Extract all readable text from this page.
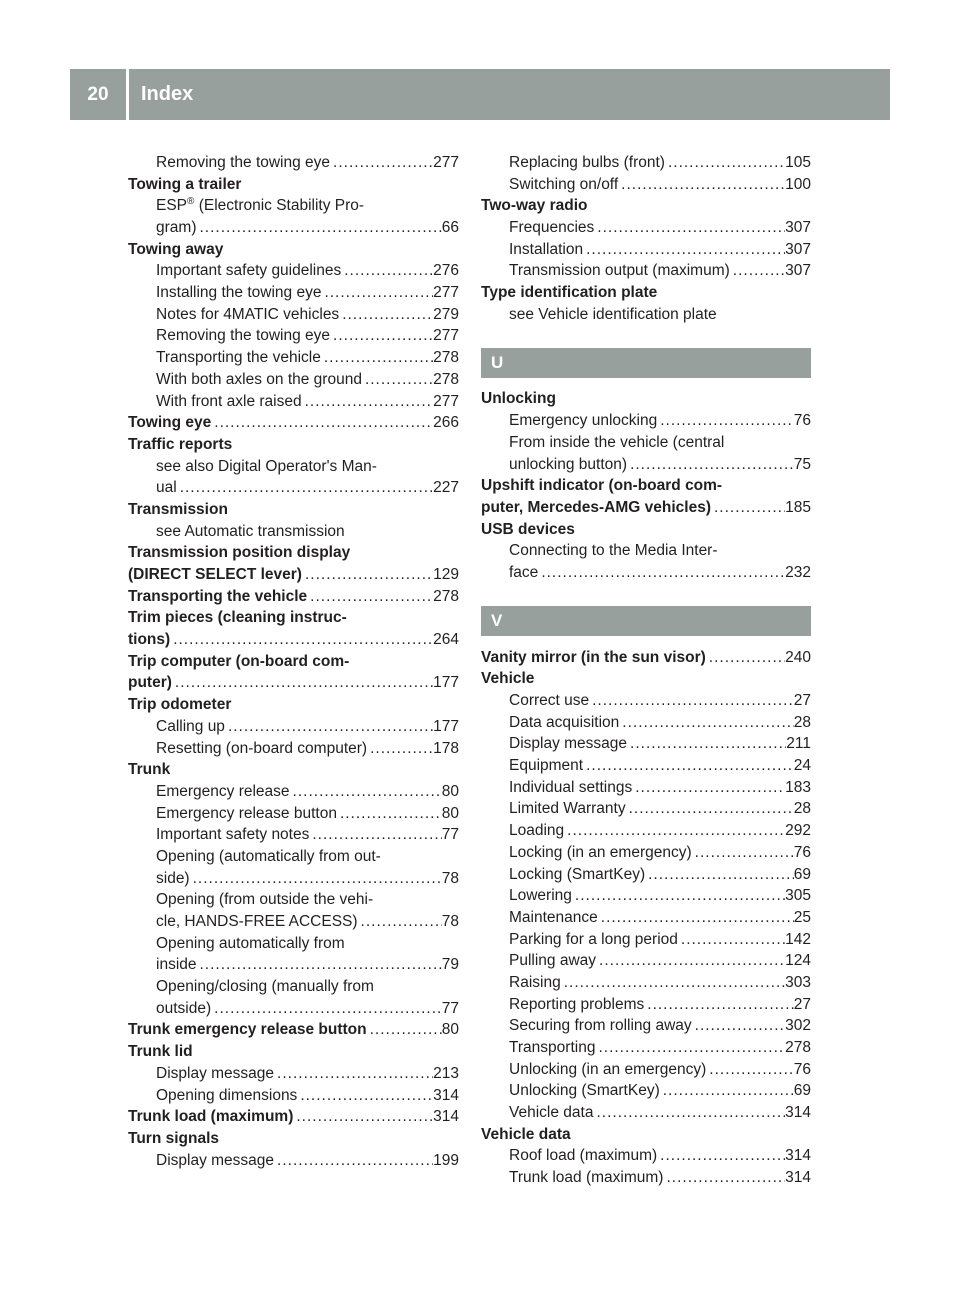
20	Index
Removing the towing eye .....	277
Towing a trailer
ESP® (Electronic Stability Pro-
gram) .....	66
Towing away
Important safety guidelines .....	276
Installing the towing eye .....	277
Notes for 4MATIC vehicles .....	279
Removing the towing eye .....	277
Transporting the vehicle .....	278
With both axles on the ground .....	278
With front axle raised .....	277
Towing eye .....	266
Traffic reports
see also Digital Operator's Man-
ual .....	227
Transmission
see Automatic transmission
Transmission position display
(DIRECT SELECT lever) .....	129
Transporting the vehicle .....	278
Trim pieces (cleaning instruc-
tions) .....	264
Trip computer (on-board com-
puter) .....	177
Trip odometer
Calling up .....	177
Resetting (on-board computer) .....	178
Trunk
Emergency release .....	80
Emergency release button .....	80
Important safety notes .....	77
Opening (automatically from out-
side) .....	78
Opening (from outside the vehi-
cle, HANDS-FREE ACCESS) .....	78
Opening automatically from
inside .....	79
Opening/closing (manually from
outside) .....	77
Trunk emergency release button .....	80
Trunk lid
Display message .....	213
Opening dimensions .....	314
Trunk load (maximum) .....	314
Turn signals
Display message .....	199
Replacing bulbs (front) .....	105
Switching on/off .....	100
Two-way radio
Frequencies .....	307
Installation .....	307
Transmission output (maximum) .....	307
Type identification plate
see Vehicle identification plate
U
Unlocking
Emergency unlocking .....	76
From inside the vehicle (central
unlocking button) .....	75
Upshift indicator (on-board com-
puter, Mercedes-AMG vehicles) .....	185
USB devices
Connecting to the Media Inter-
face .....	232
V
Vanity mirror (in the sun visor) .....	240
Vehicle
Correct use .....	27
Data acquisition .....	28
Display message .....	211
Equipment .....	24
Individual settings .....	183
Limited Warranty .....	28
Loading .....	292
Locking (in an emergency) .....	76
Locking (SmartKey) .....	69
Lowering .....	305
Maintenance .....	25
Parking for a long period .....	142
Pulling away .....	124
Raising .....	303
Reporting problems .....	27
Securing from rolling away .....	302
Transporting .....	278
Unlocking (in an emergency) .....	76
Unlocking (SmartKey) .....	69
Vehicle data .....	314
Vehicle data
Roof load (maximum) .....	314
Trunk load (maximum) .....	314
